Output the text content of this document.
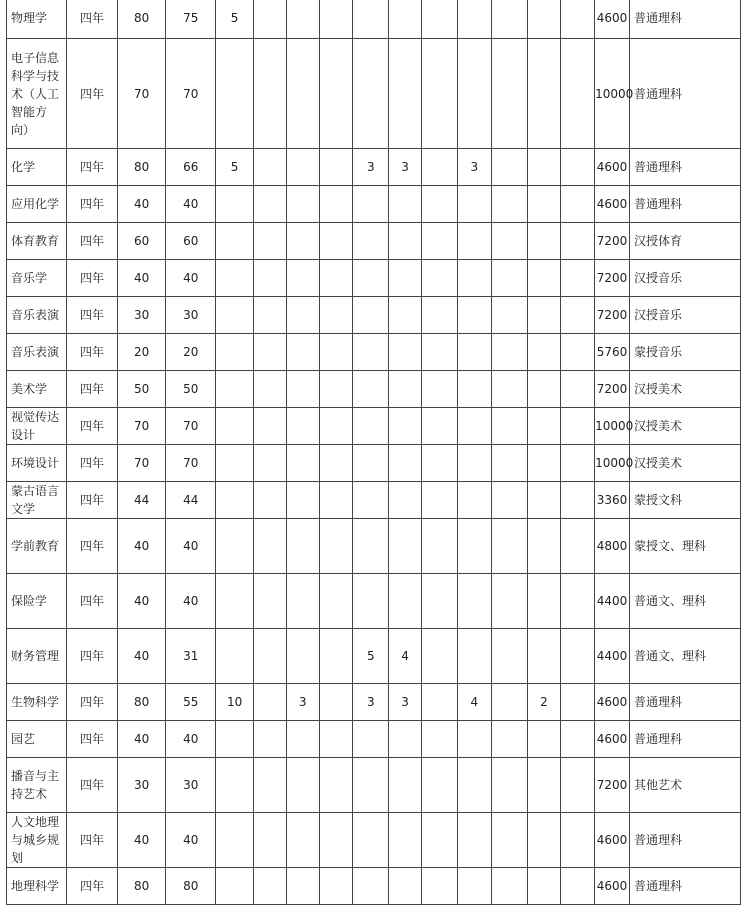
物理学	四年	80	75	5											4600	普通理科
电子信息科学与技术（人工智能方向）	四年	70	70												10000	普通理科
化学	四年	80	66	5				3	3		3				4600	普通理科
应用化学	四年	40	40												4600	普通理科
体育教育	四年	60	60												7200	汉授体育
音乐学	四年	40	40												7200	汉授音乐
音乐表演	四年	30	30												7200	汉授音乐
音乐表演	四年	20	20												5760	蒙授音乐
美术学	四年	50	50												7200	汉授美术
视觉传达设计	四年	70	70												10000	汉授美术
环境设计	四年	70	70												10000	汉授美术
蒙古语言文学	四年	44	44												3360	蒙授文科
学前教育	四年	40	40												4800	蒙授文、理科
保险学	四年	40	40												4400	普通文、理科
财务管理	四年	40	31					5	4						4400	普通文、理科
生物科学	四年	80	55	10		3		3	3		4		2		4600	普通理科
园艺	四年	40	40												4600	普通理科
播音与主持艺术	四年	30	30												7200	其他艺术
人文地理与城乡规划	四年	40	40												4600	普通理科
地理科学	四年	80	80												4600	普通理科
